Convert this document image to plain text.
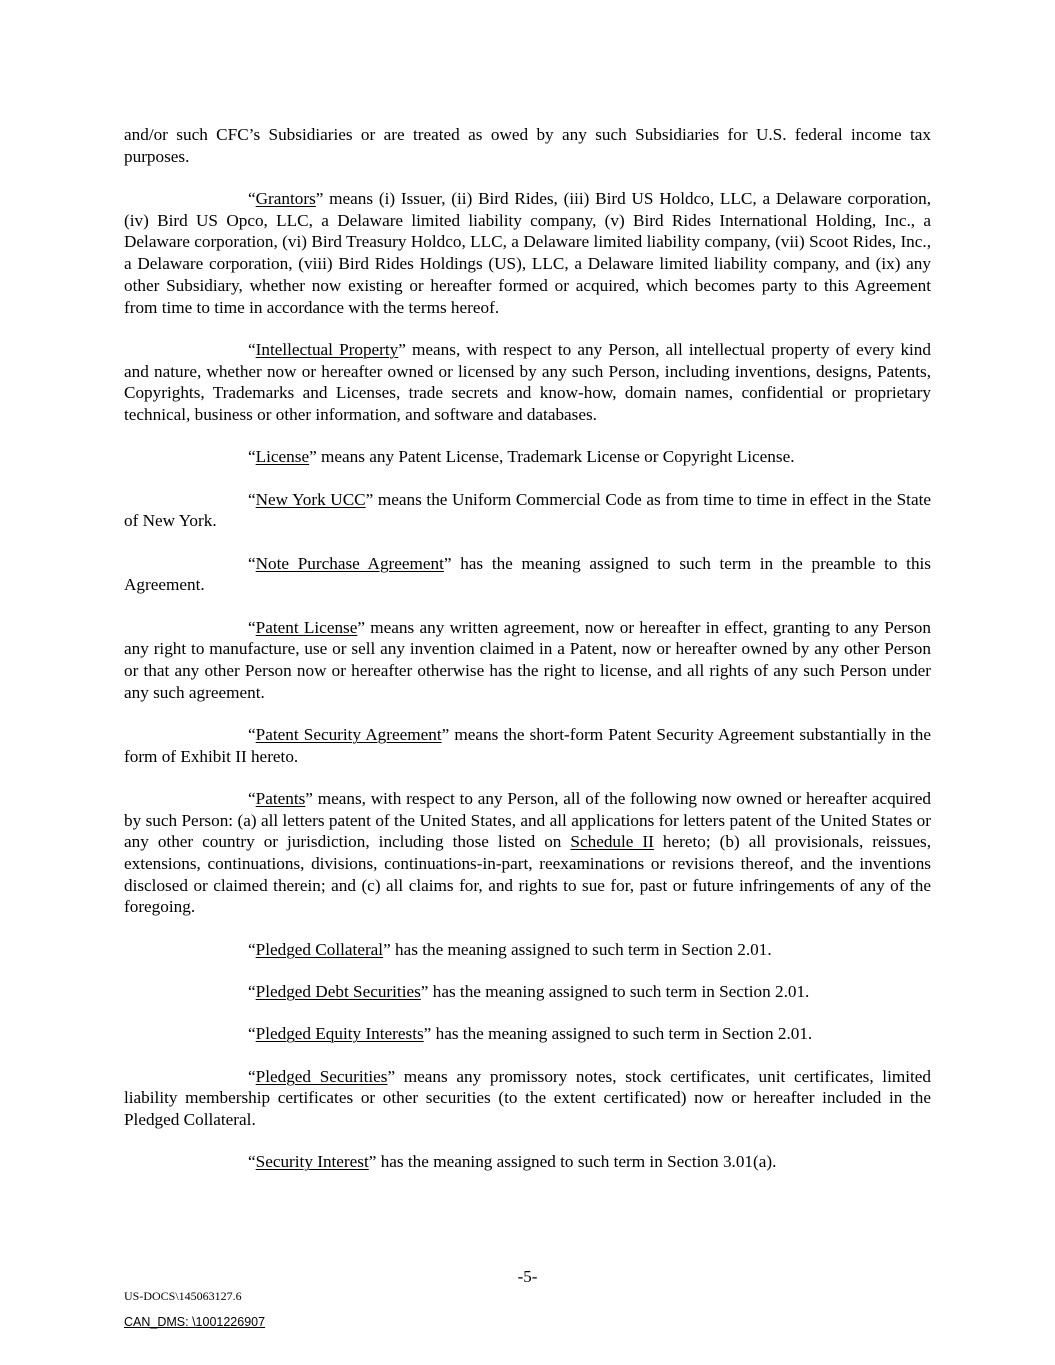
and/or such CFC’s Subsidiaries or are treated as owed by any such Subsidiaries for U.S. federal income tax purposes.

“Grantors” means (i) Issuer, (ii) Bird Rides, (iii) Bird US Holdco, LLC, a Delaware corporation, (iv) Bird US Opco, LLC, a Delaware limited liability company, (v) Bird Rides International Holding, Inc., a Delaware corporation, (vi) Bird Treasury Holdco, LLC, a Delaware limited liability company, (vii) Scoot Rides, Inc., a Delaware corporation, (viii) Bird Rides Holdings (US), LLC, a Delaware limited liability company, and (ix) any other Subsidiary, whether now existing or hereafter formed or acquired, which becomes party to this Agreement from time to time in accordance with the terms hereof.

“Intellectual Property” means, with respect to any Person, all intellectual property of every kind and nature, whether now or hereafter owned or licensed by any such Person, including inventions, designs, Patents, Copyrights, Trademarks and Licenses, trade secrets and know-how, domain names, confidential or proprietary technical, business or other information, and software and databases.

“License” means any Patent License, Trademark License or Copyright License.

“New York UCC” means the Uniform Commercial Code as from time to time in effect in the State of New York.

“Note Purchase Agreement” has the meaning assigned to such term in the preamble to this Agreement.

“Patent License” means any written agreement, now or hereafter in effect, granting to any Person any right to manufacture, use or sell any invention claimed in a Patent, now or hereafter owned by any other Person or that any other Person now or hereafter otherwise has the right to license, and all rights of any such Person under any such agreement.

“Patent Security Agreement” means the short-form Patent Security Agreement substantially in the form of Exhibit II hereto.

“Patents” means, with respect to any Person, all of the following now owned or hereafter acquired by such Person: (a) all letters patent of the United States, and all applications for letters patent of the United States or any other country or jurisdiction, including those listed on Schedule II hereto; (b) all provisionals, reissues, extensions, continuations, divisions, continuations-in-part, reexaminations or revisions thereof, and the inventions disclosed or claimed therein; and (c) all claims for, and rights to sue for, past or future infringements of any of the foregoing.

“Pledged Collateral” has the meaning assigned to such term in Section 2.01.

“Pledged Debt Securities” has the meaning assigned to such term in Section 2.01.

“Pledged Equity Interests” has the meaning assigned to such term in Section 2.01.

“Pledged Securities” means any promissory notes, stock certificates, unit certificates, limited liability membership certificates or other securities (to the extent certificated) now or hereafter included in the Pledged Collateral.

“Security Interest” has the meaning assigned to such term in Section 3.01(a).

-5-
US-DOCS\145063127.6
CAN_DMS: \1001226907
